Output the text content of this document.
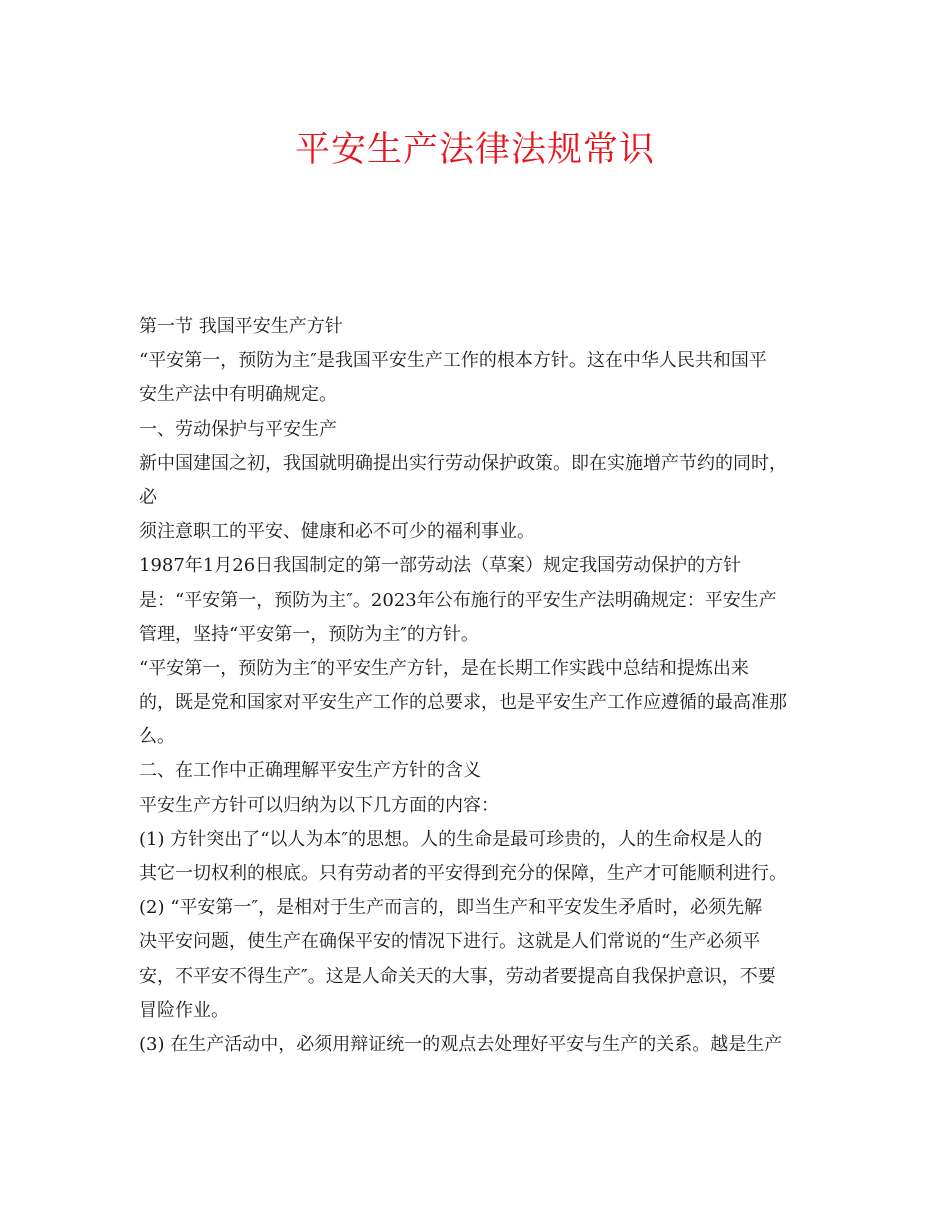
平安生产法律法规常识
第一节 我国平安生产方针
“平安第一，预防为主″是我国平安生产工作的根本方针。这在中华人民共和国平
安生产法中有明确规定。
一、劳动保护与平安生产
新中国建国之初，我国就明确提出实行劳动保护政策。即在实施增产节约的同时，
必
须注意职工的平安、健康和必不可少的福利事业。
1987年1月26日我国制定的第一部劳动法（草案）规定我国劳动保护的方针
是：“平安第一，预防为主″。2023年公布施行的平安生产法明确规定：平安生产
管理，坚持“平安第一，预防为主″的方针。
“平安第一，预防为主″的平安生产方针，是在长期工作实践中总结和提炼出来
的，既是党和国家对平安生产工作的总要求，也是平安生产工作应遵循的最高准那
么。
二、在工作中正确理解平安生产方针的含义
平安生产方针可以归纳为以下几方面的内容：
(1) 方针突出了“以人为本″的思想。人的生命是最可珍贵的，人的生命权是人的
其它一切权利的根底。只有劳动者的平安得到充分的保障，生产才可能顺利进行。
(2) “平安第一″，是相对于生产而言的，即当生产和平安发生矛盾时，必须先解
决平安问题，使生产在确保平安的情况下进行。这就是人们常说的“生产必须平
安，不平安不得生产″。这是人命关天的大事，劳动者要提高自我保护意识，不要
冒险作业。
(3) 在生产活动中，必须用辩证统一的观点去处理好平安与生产的关系。越是生产
